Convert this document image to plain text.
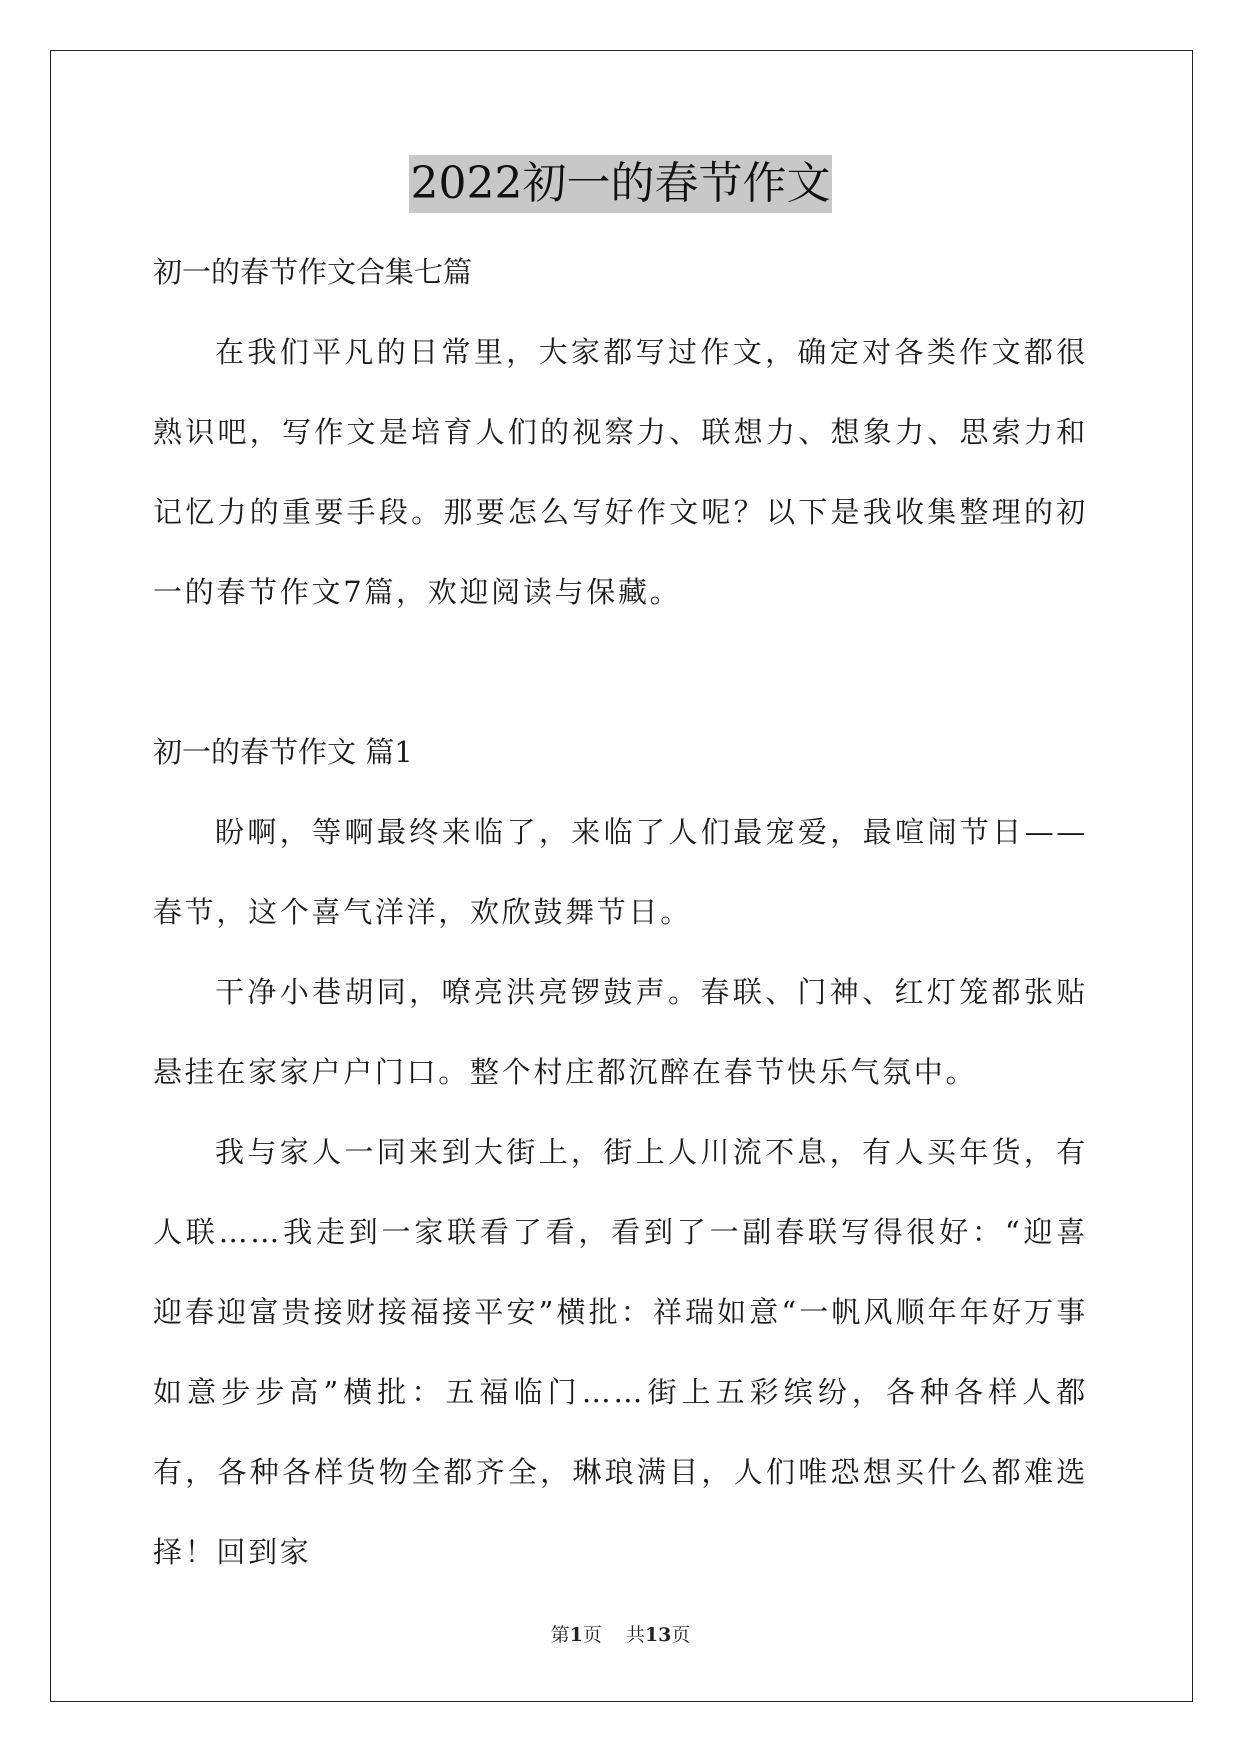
2022初一的春节作文

初一的春节作文合集七篇

在我们平凡的日常里，大家都写过作文，确定对各类作文都很熟识吧，写作文是培育人们的视察力、联想力、想象力、思索力和记忆力的重要手段。那要怎么写好作文呢？以下是我收集整理的初一的春节作文7篇，欢迎阅读与保藏。

初一的春节作文 篇1

盼啊，等啊最终来临了，来临了人们最宠爱，最喧闹节日——春节，这个喜气洋洋，欢欣鼓舞节日。

干净小巷胡同，嘹亮洪亮锣鼓声。春联、门神、红灯笼都张贴悬挂在家家户户门口。整个村庄都沉醉在春节快乐气氛中。

我与家人一同来到大街上，街上人川流不息，有人买年货，有人联……我走到一家联看了看，看到了一副春联写得很好：“迎喜迎春迎富贵接财接福接平安”横批：祥瑞如意“一帆风顺年年好万事如意步步高”横批：五福临门……街上五彩缤纷，各种各样人都有，各种各样货物全都齐全，琳琅满目，人们唯恐想买什么都难选择！回到家

第1页   共13页
